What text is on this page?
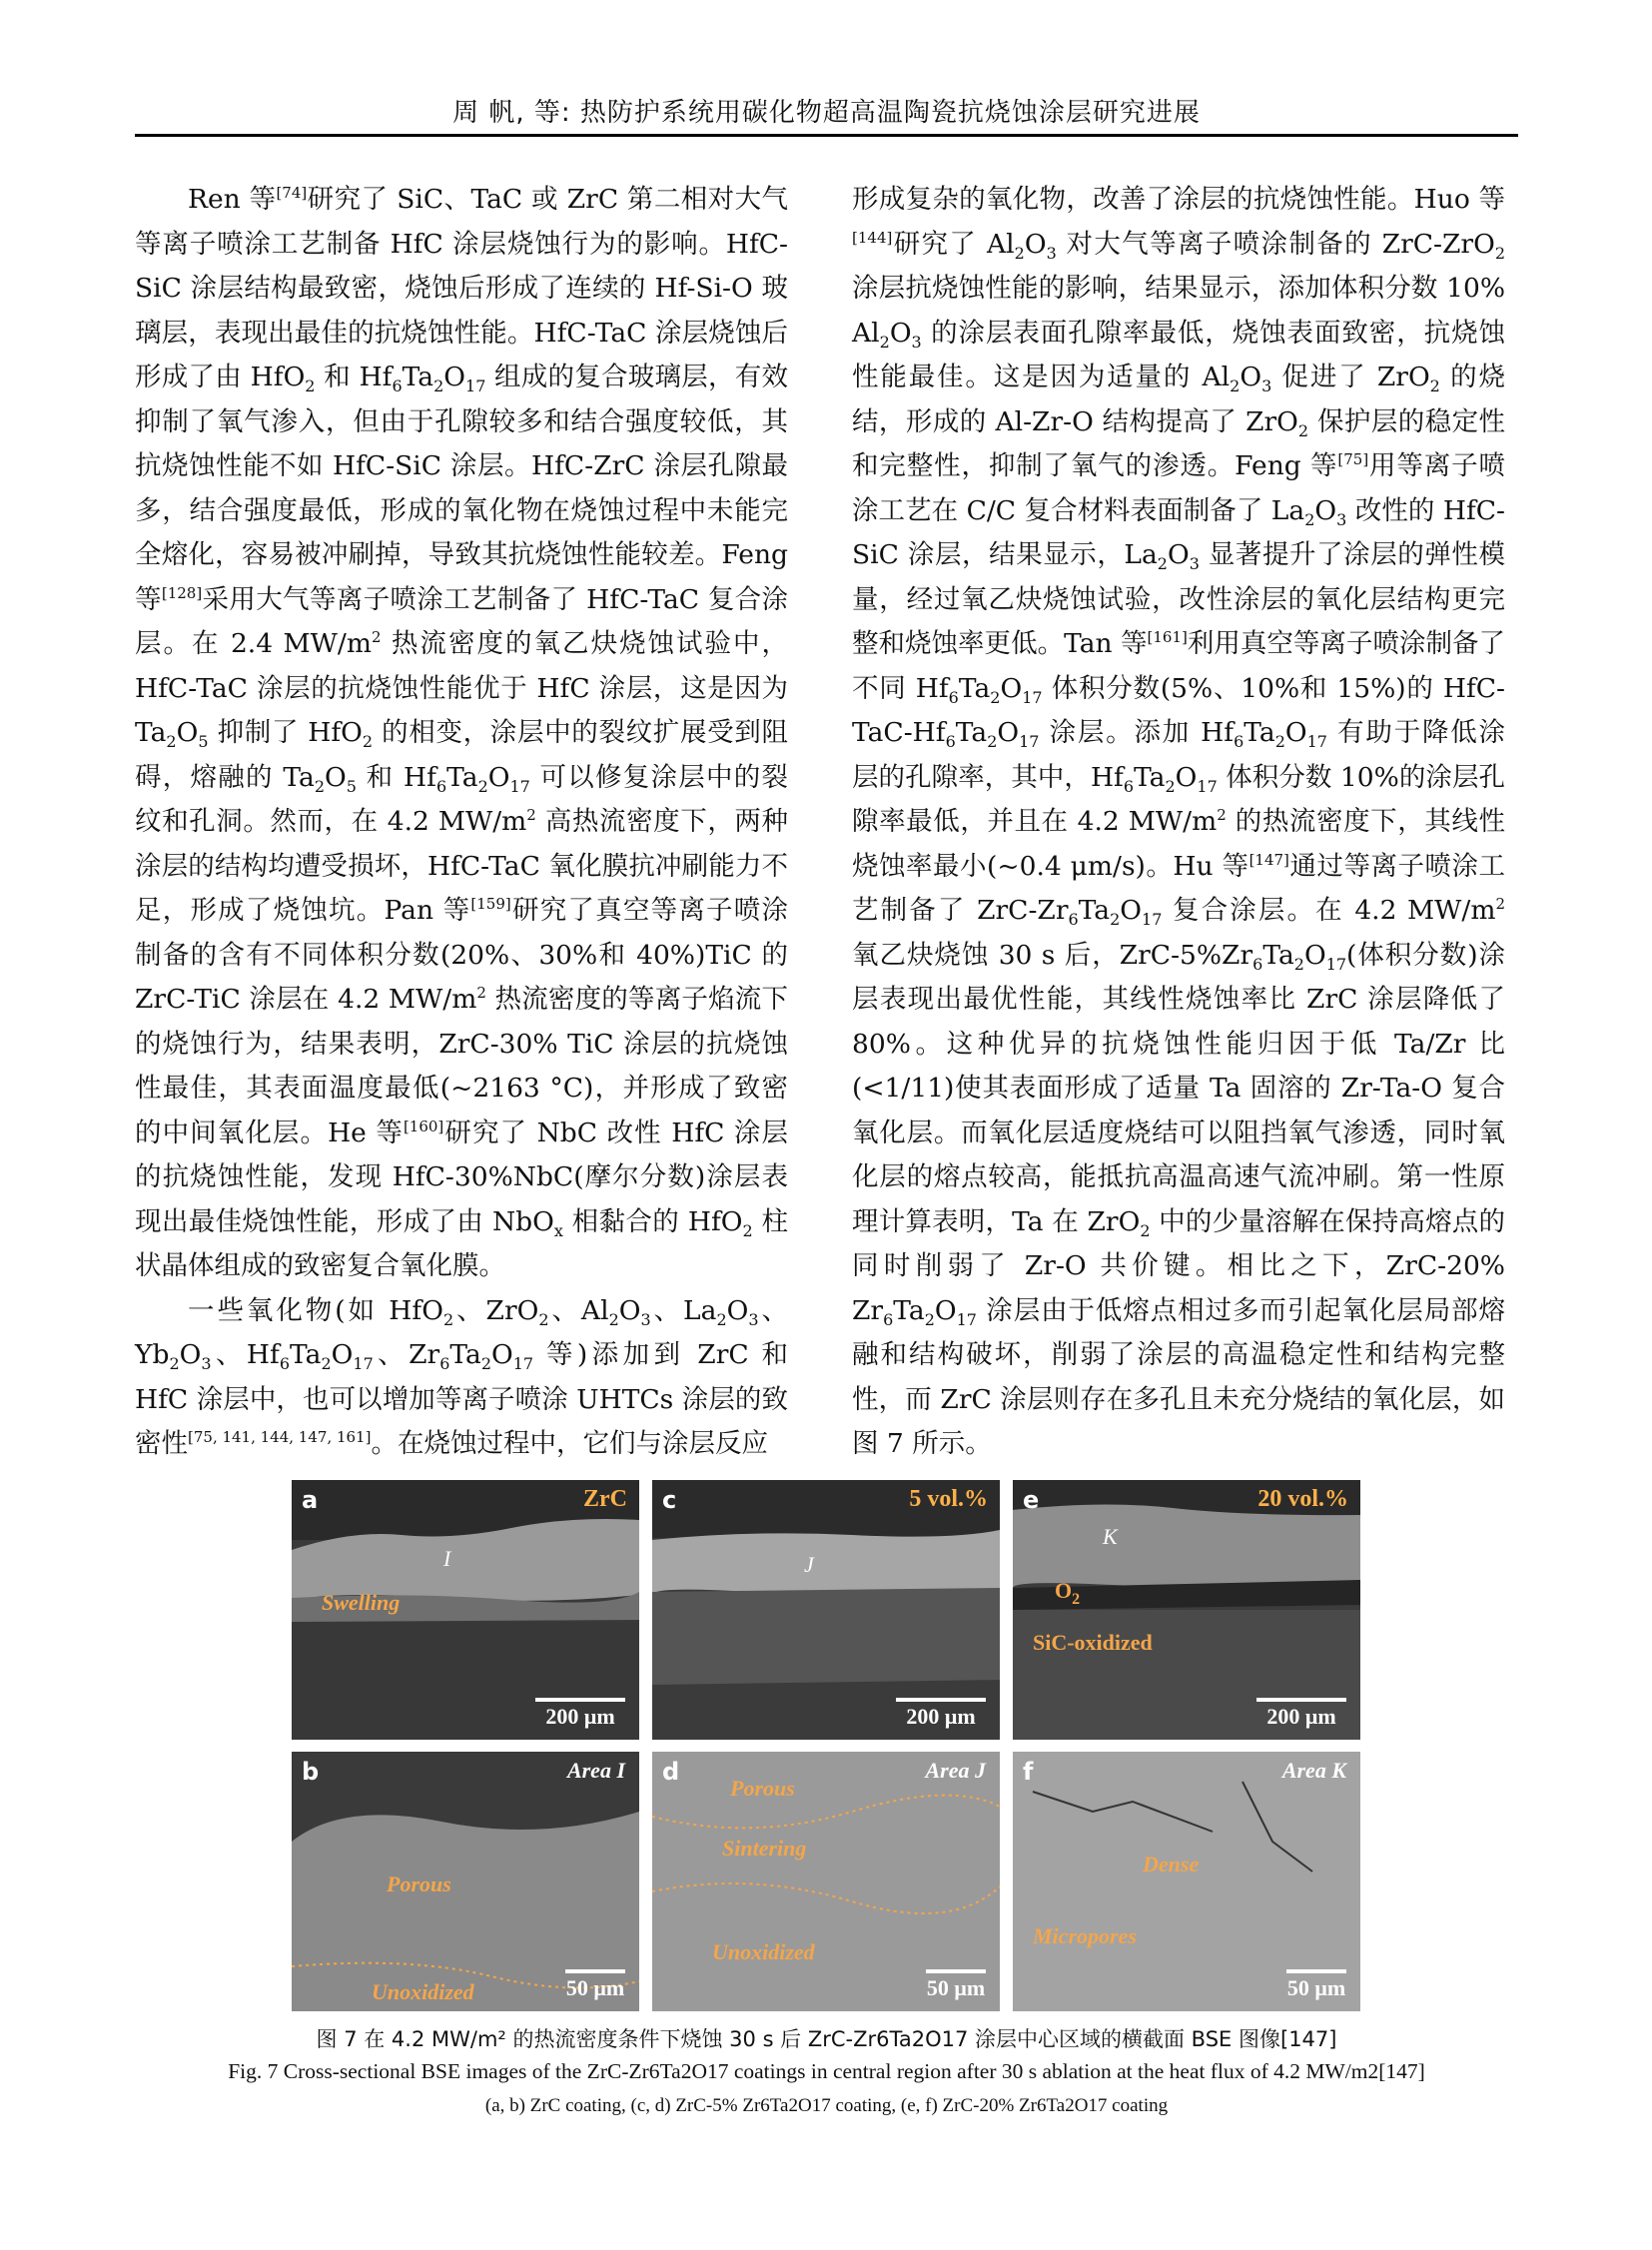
周 帆, 等: 热防护系统用碳化物超高温陶瓷抗烧蚀涂层研究进展

Ren 等[74]研究了 SiC、TaC 或 ZrC 第二相对大气等离子喷涂工艺制备 HfC 涂层烧蚀行为的影响。HfC-SiC 涂层结构最致密，烧蚀后形成了连续的 Hf-Si-O 玻璃层，表现出最佳的抗烧蚀性能。HfC-TaC 涂层烧蚀后形成了由 HfO$_2$ 和 $Hf_6Ta_2O_{17}$ 组成的复合玻璃层，有效抑制了氧气渗入，但由于孔隙较多和结合强度较低，其抗烧蚀性能不如 HfC-SiC 涂层。HfC-ZrC 涂层孔隙最多，结合强度最低，形成的氧化物在烧蚀过程中未能完全熔化，容易被冲刷掉，导致其抗烧蚀性能较差。Feng 等[128]采用大气等离子喷涂工艺制备了 HfC-TaC 复合涂层。在 2.4 $MW/m^2$ 热流密度的氧乙炔烧蚀试验中，HfC-TaC 涂层的抗烧蚀性能优于 HfC 涂层，这是因为 $Ta_2O_5$ 抑制了 HfO$_2$ 的相变，涂层中的裂纹扩展受到阻碍，熔融的 $Ta_2O_5$ 和 $Hf_6Ta_2O_{17}$ 可以修复涂层中的裂纹和孔洞。然而，在 4.2 $MW/m^2$ 高热流密度下，两种涂层的结构均遭受损坏，HfC-TaC 氧化膜抗冲刷能力不足，形成了烧蚀坑。Pan 等[159]研究了真空等离子喷涂制备的含有不同体积分数(20%、30%和 40%)TiC 的 ZrC-TiC 涂层在 4.2 $MW/m^2$ 热流密度的等离子焰流下的烧蚀行为，结果表明，ZrC-30% TiC 涂层的抗烧蚀性最佳，其表面温度最低(~2163 °C)，并形成了致密的中间氧化层。He 等[160]研究了 NbC 改性 HfC 涂层的抗烧蚀性能，发现 HfC-30%NbC(摩尔分数)涂层表现出最佳烧蚀性能，形成了由 NbO$_x$ 相黏合的 HfO$_2$ 柱状晶体组成的致密复合氧化膜。

一些氧化物(如 HfO$_2$、ZrO$_2$、$Al_2O_3$、$La_2O_3$、$Yb_2O_3$、$Hf_6Ta_2O_{17}$、$Zr_6Ta_2O_{17}$ 等)添加到 ZrC 和 HfC 涂层中，也可以增加等离子喷涂 UHTCs 涂层的致密性[75, 141, 144, 147, 161]。在烧蚀过程中，它们与涂层反应

形成复杂的氧化物，改善了涂层的抗烧蚀性能。Huo 等[144]研究了 $Al_2O_3$ 对大气等离子喷涂制备的 ZrC-ZrO$_2$ 涂层抗烧蚀性能的影响，结果显示，添加体积分数 10% $Al_2O_3$ 的涂层表面孔隙率最低，烧蚀表面致密，抗烧蚀性能最佳。这是因为适量的 $Al_2O_3$ 促进了 ZrO$_2$ 的烧结，形成的 Al-Zr-O 结构提高了 ZrO$_2$ 保护层的稳定性和完整性，抑制了氧气的渗透。Feng 等[75]用等离子喷涂工艺在 C/C 复合材料表面制备了 $La_2O_3$ 改性的 HfC-SiC 涂层，结果显示，$La_2O_3$ 显著提升了涂层的弹性模量，经过氧乙炔烧蚀试验，改性涂层的氧化层结构更完整和烧蚀率更低。Tan 等[161]利用真空等离子喷涂制备了不同 $Hf_6Ta_2O_{17}$ 体积分数(5%、10%和 15%)的 HfC-$TaC-Hf_6Ta_2O_{17}$ 涂层。添加 $Hf_6Ta_2O_{17}$ 有助于降低涂层的孔隙率，其中，$Hf_6Ta_2O_{17}$ 体积分数 10%的涂层孔隙率最低，并且在 4.2 $MW/m^2$ 的热流密度下，其线性烧蚀率最小(~0.4 μm/s)。Hu 等[147]通过等离子喷涂工艺制备了 ZrC-$Zr_6Ta_2O_{17}$ 复合涂层。在 4.2 $MW/m^2$ 氧乙炔烧蚀 30 s 后，ZrC-$5\%Zr_6Ta_2O_{17}$(体积分数)涂层表现出最优性能，其线性烧蚀率比 ZrC 涂层降低了 80%。这种优异的抗烧蚀性能归因于低 Ta/Zr 比(<1/11)使其表面形成了适量 Ta 固溶的 Zr-Ta-O 复合氧化层。而氧化层适度烧结可以阻挡氧气渗透，同时氧化层的熔点较高，能抵抗高温高速气流冲刷。第一性原理计算表明，Ta 在 ZrO$_2$ 中的少量溶解在保持高熔点的同时削弱了 Zr-O 共价键。相比之下，ZrC-20% $Zr_6Ta_2O_{17}$ 涂层由于低熔点相过多而引起氧化层局部熔融和结构破坏，削弱了涂层的高温稳定性和结构完整性，而 ZrC 涂层则存在多孔且未充分烧结的氧化层，如图 7 所示。

a	ZrC
Swelling
I
200 μm
c	5 vol.%
J
200 μm
e	20 vol.%
K
$O_2$
SiC-oxidized
200 μm
b	Area I
Porous
Unoxidized	50 μm
d	Area J
Porous
Sintering
Unoxidized
50 μm
f	Area K
Dense
Micropores
50 μm
图 7 在 4.2 MW/m² 的热流密度条件下烧蚀 30 s 后 ZrC-Zr6Ta2O17 涂层中心区域的横截面 BSE 图像[147]
Fig. 7 Cross-sectional BSE images of the ZrC-Zr6Ta2O17 coatings in central region after 30 s ablation at the heat flux of 4.2 MW/m2[147]
(a, b) ZrC coating, (c, d) ZrC-5% Zr6Ta2O17 coating, (e, f) ZrC-20% Zr6Ta2O17 coating
